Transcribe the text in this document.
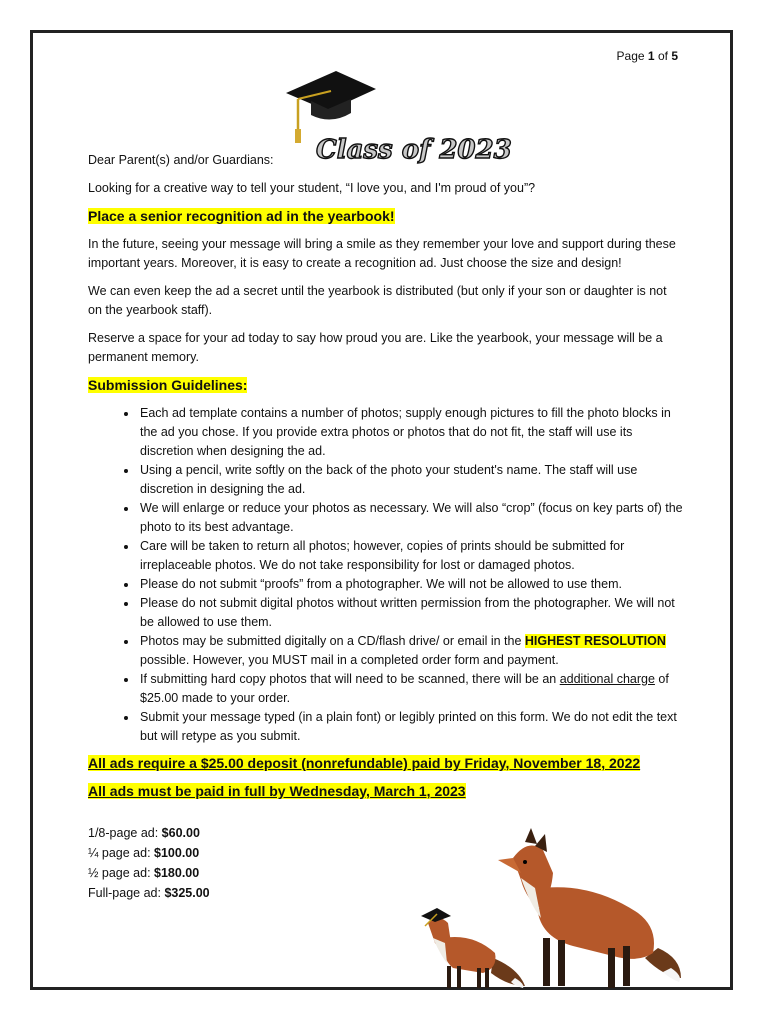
Page 1 of 5
Class of 2023

Dear Parent(s) and/or Guardians:

Looking for a creative way to tell your student, “I love you, and I'm proud of you”?

Place a senior recognition ad in the yearbook!

In the future, seeing your message will bring a smile as they remember your love and support during these important years. Moreover, it is easy to create a recognition ad. Just choose the size and design!

We can even keep the ad a secret until the yearbook is distributed (but only if your son or daughter is not on the yearbook staff).

Reserve a space for your ad today to say how proud you are. Like the yearbook, your message will be a permanent memory.

Submission Guidelines:

• Each ad template contains a number of photos; supply enough pictures to fill the photo blocks in the ad you chose. If you provide extra photos or photos that do not fit, the staff will use its discretion when designing the ad.
• Using a pencil, write softly on the back of the photo your student's name. The staff will use discretion in designing the ad.
• We will enlarge or reduce your photos as necessary. We will also “crop” (focus on key parts of) the photo to its best advantage.
• Care will be taken to return all photos; however, copies of prints should be submitted for irreplaceable photos. We do not take responsibility for lost or damaged photos.
• Please do not submit “proofs” from a photographer. We will not be allowed to use them.
• Please do not submit digital photos without written permission from the photographer. We will not be allowed to use them.
• Photos may be submitted digitally on a CD/flash drive/ or email in the HIGHEST RESOLUTION possible. However, you MUST mail in a completed order form and payment.
• If submitting hard copy photos that will need to be scanned, there will be an additional charge of $25.00 made to your order.
• Submit your message typed (in a plain font) or legibly printed on this form. We do not edit the text but will retype as you submit.

All ads require a $25.00 deposit (nonrefundable) paid by Friday, November 18, 2022

All ads must be paid in full by Wednesday, March 1, 2023

1/8-page ad: $60.00
¼ page ad: $100.00
½ page ad: $180.00
Full-page ad: $325.00
